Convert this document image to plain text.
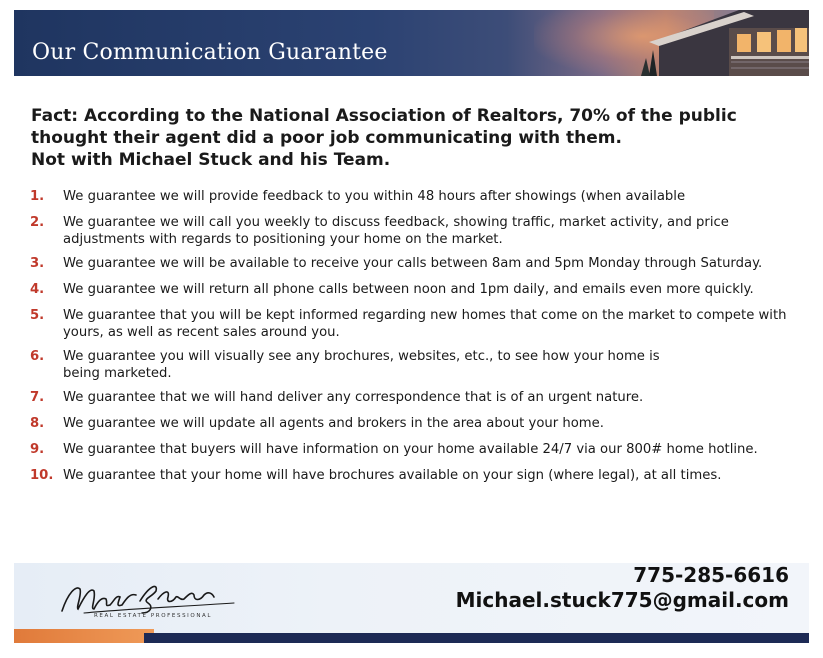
Our Communication Guarantee

Fact: According to the National Association of Realtors, 70% of the public
thought their agent did a poor job communicating with them.
Not with Michael Stuck and his Team.

1.	We guarantee we will provide feedback to you within 48 hours after showings (when available
2.	We guarantee we will call you weekly to discuss feedback, showing traffic, market activity, and price adjustments with regards to positioning your home on the market.
3.	We guarantee we will be available to receive your calls between 8am and 5pm Monday through Saturday.
4.	We guarantee we will return all phone calls between noon and 1pm daily, and emails even more quickly.
5.	We guarantee that you will be kept informed regarding new homes that come on the market to compete with yours, as well as recent sales around you.
6.	We guarantee you will visually see any brochures, websites, etc., to see how your home is being marketed.
7.	We guarantee that we will hand deliver any correspondence that is of an urgent nature.
8.	We guarantee we will update all agents and brokers in the area about your home.
9.	We guarantee that buyers will have information on your home available 24/7 via our 800# home hotline.
10. We guarantee that your home will have brochures available on your sign (where legal), at all times.
REAL ESTATE PROFESSIONAL

775-285-6616

Michael.stuck775@gmail.com
